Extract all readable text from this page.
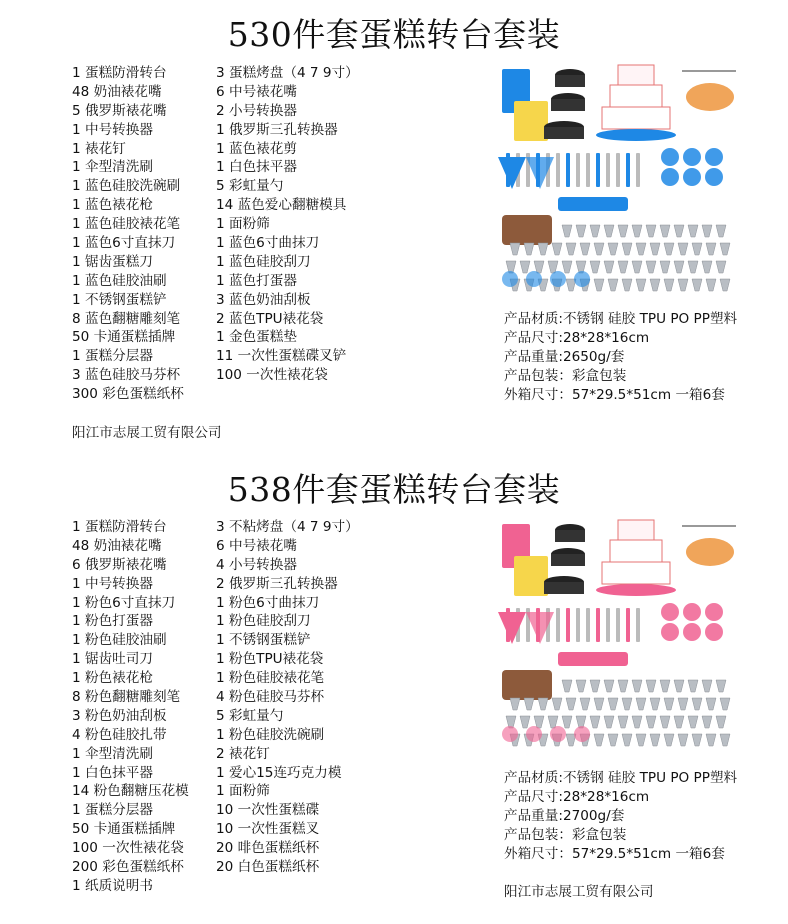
530件套蛋糕转台套装
1 蛋糕防滑转台
48 奶油裱花嘴
5 俄罗斯裱花嘴
1 中号转换器
1 裱花钉
1 伞型清洗刷
1 蓝色硅胶洗碗刷
1 蓝色裱花枪
1 蓝色硅胶裱花笔
1 蓝色6寸直抹刀
1 锯齿蛋糕刀
1 蓝色硅胶油刷
1 不锈钢蛋糕铲
8 蓝色翻糖雕刻笔
50 卡通蛋糕插牌
1 蛋糕分层器
3 蓝色硅胶马芬杯
300 彩色蛋糕纸杯
3 蛋糕烤盘（4 7 9寸）
6 中号裱花嘴
2 小号转换器
1 俄罗斯三孔转换器
1 蓝色裱花剪
1 白色抹平器
5 彩虹量勺
14 蓝色爱心翻糖模具
1 面粉筛
1 蓝色6寸曲抹刀
1 蓝色硅胶刮刀
1 蓝色打蛋器
3 蓝色奶油刮板
2 蓝色TPU裱花袋
1 金色蛋糕垫
11 一次性蛋糕碟叉铲
100 一次性裱花袋
产品材质:不锈钢 硅胶 TPU PO PP塑料
产品尺寸:28*28*16cm
产品重量:2650g/套
产品包装：彩盒包装
外箱尺寸：57*29.5*51cm 一箱6套
阳江市志展工贸有限公司
538件套蛋糕转台套装
1 蛋糕防滑转台
48 奶油裱花嘴
6 俄罗斯裱花嘴
1 中号转换器
1 粉色6寸直抹刀
1 粉色打蛋器
1 粉色硅胶油刷
1 锯齿吐司刀
1 粉色裱花枪
8 粉色翻糖雕刻笔
3 粉色奶油刮板
4 粉色硅胶扎带
1 伞型清洗刷
1 白色抹平器
14 粉色翻糖压花模
1 蛋糕分层器
50 卡通蛋糕插牌
100 一次性裱花袋
200 彩色蛋糕纸杯
1 纸质说明书
3 不粘烤盘（4 7 9寸）
6 中号裱花嘴
4 小号转换器
2 俄罗斯三孔转换器
1 粉色6寸曲抹刀
1 粉色硅胶刮刀
1 不锈钢蛋糕铲
1 粉色TPU裱花袋
1 粉色硅胶裱花笔
4 粉色硅胶马芬杯
5 彩虹量勺
1 粉色硅胶洗碗刷
2 裱花钉
1 爱心15连巧克力模
1 面粉筛
10 一次性蛋糕碟
10 一次性蛋糕叉
20 啡色蛋糕纸杯
20 白色蛋糕纸杯
产品材质:不锈钢 硅胶 TPU PO PP塑料
产品尺寸:28*28*16cm
产品重量:2700g/套
产品包装：彩盒包装
外箱尺寸：57*29.5*51cm 一箱6套
阳江市志展工贸有限公司
